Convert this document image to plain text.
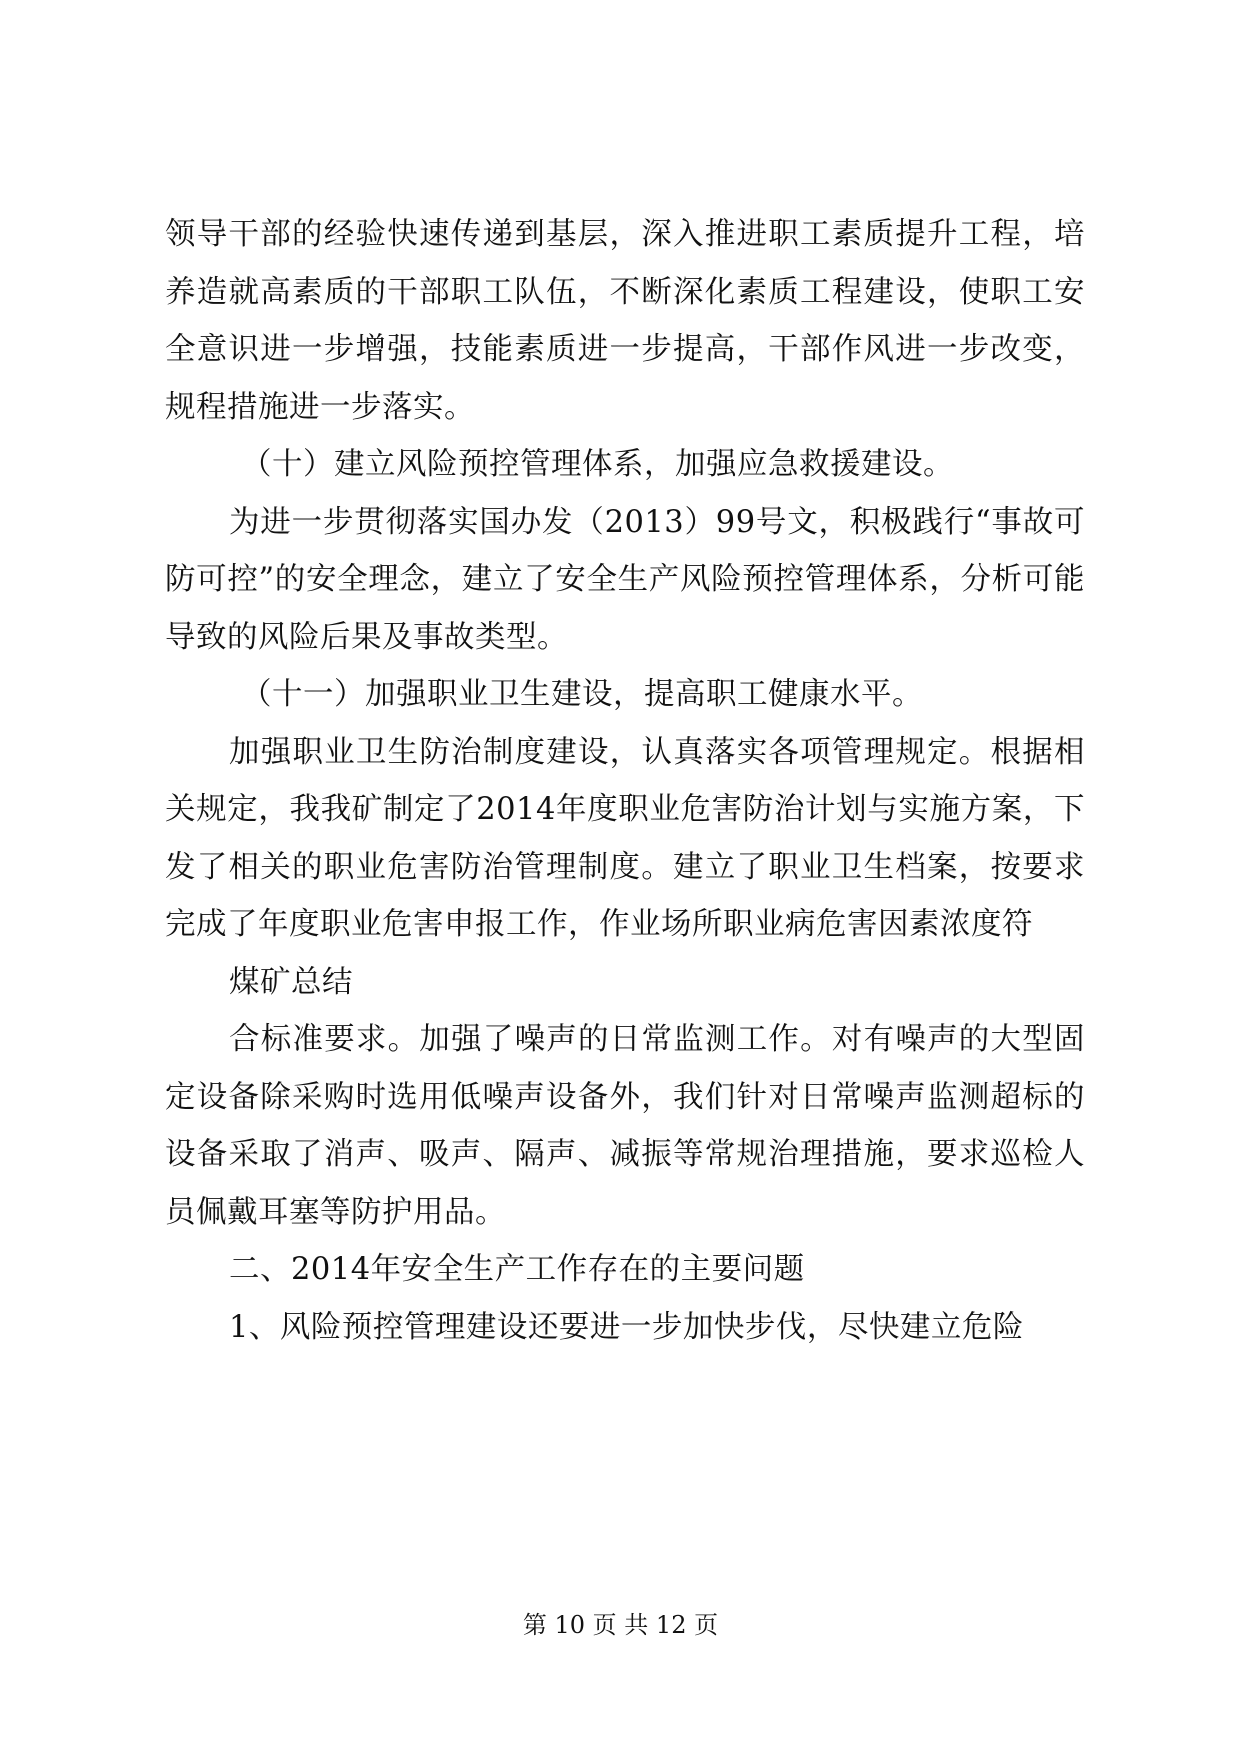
领导干部的经验快速传递到基层，深入推进职工素质提升工程，培养造就高素质的干部职工队伍，不断深化素质工程建设，使职工安全意识进一步增强，技能素质进一步提高，干部作风进一步改变，规程措施进一步落实。

（十）建立风险预控管理体系，加强应急救援建设。

为进一步贯彻落实国办发（2013）99号文，积极践行“事故可防可控”的安全理念，建立了安全生产风险预控管理体系，分析可能导致的风险后果及事故类型。

（十一）加强职业卫生建设，提高职工健康水平。

加强职业卫生防治制度建设，认真落实各项管理规定。根据相关规定，我我矿制定了2014年度职业危害防治计划与实施方案，下发了相关的职业危害防治管理制度。建立了职业卫生档案，按要求完成了年度职业危害申报工作，作业场所职业病危害因素浓度符

煤矿总结

合标准要求。加强了噪声的日常监测工作。对有噪声的大型固定设备除采购时选用低噪声设备外，我们针对日常噪声监测超标的设备采取了消声、吸声、隔声、减振等常规治理措施，要求巡检人员佩戴耳塞等防护用品。

二、2014年安全生产工作存在的主要问题

1、风险预控管理建设还要进一步加快步伐，尽快建立危险

第 10 页 共 12 页
